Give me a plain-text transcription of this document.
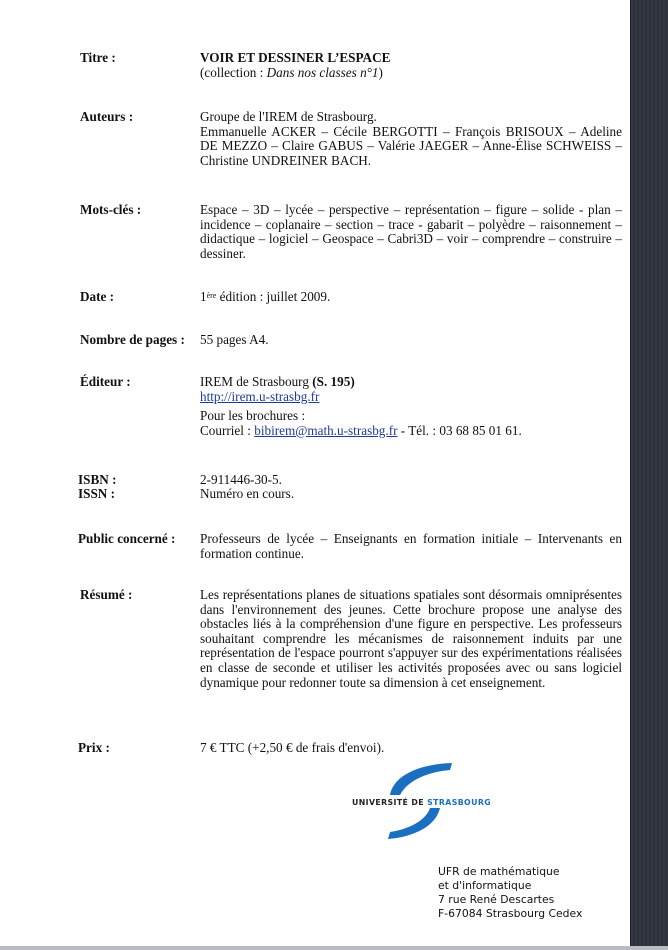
Titre :	VOIR ET DESSINER L’ESPACE
(collection : Dans nos classes n°1)
Auteurs :	Groupe de l'IREM de Strasbourg.
Emmanuelle ACKER – Cécile BERGOTTI – François BRISOUX – Adeline DE MEZZO – Claire GABUS – Valérie JAEGER – Anne-Élise SCHWEISS – Christine UNDREINER BACH.
Mots-clés :	Espace – 3D – lycée – perspective – représentation – figure – solide - plan – incidence – coplanaire – section – trace - gabarit – polyèdre – raisonnement – didactique – logiciel – Geospace – Cabri3D – voir – comprendre – construire – dessiner.
Date :	1ère édition : juillet 2009.
Nombre de pages : 55 pages A4.
Éditeur :	IREM de Strasbourg (S. 195)
http://irem.u-strasbg.fr
Pour les brochures :
Courriel : bibirem@math.u-strasbg.fr - Tél. : 03 68 85 01 61.
ISBN :	2-911446-30-5.
ISSN :	Numéro en cours.
Public concerné : Professeurs de lycée – Enseignants en formation initiale – Intervenants en formation continue.
Résumé :	Les représentations planes de situations spatiales sont désormais omniprésentes dans l'environnement des jeunes. Cette brochure propose une analyse des obstacles liés à la compréhension d'une figure en perspective. Les professeurs souhaitant comprendre les mécanismes de raisonnement induits par une représentation de l'espace pourront s'appuyer sur des expérimentations réalisées en classe de seconde et utiliser les activités proposées avec ou sans logiciel dynamique pour redonner toute sa dimension à cet enseignement.
Prix :	7 € TTC (+2,50 € de frais d'envoi).
UNIVERSITÉ DE STRASBOURG
UFR de mathématique
et d'informatique
7 rue René Descartes
F-67084 Strasbourg Cedex
